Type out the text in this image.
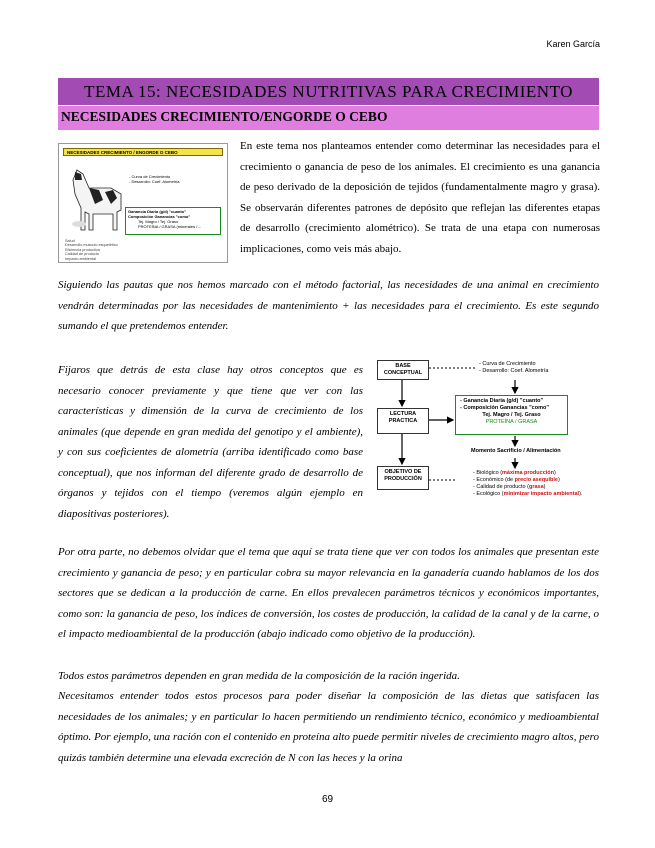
Karen García
TEMA 15: NECESIDADES NUTRITIVAS PARA CRECIMIENTO
NECESIDADES CRECIMIENTO/ENGORDE O CEBO
NECESIDADES CRECIMIENTO / ENGORDE O CEBO
- Curva de Crecimiento
- Desarrollo: Coef. Alometría
Ganancia Diaria (g/d) "cuanto"
Composición Ganancias "como"
Tej. Magro / Tej. Graso
PROTEÍNA / GRASA (minerales /…
Salud
Desarrollo musculo esquelético
Eficiencia productiva
Calidad de producto
Impacto ambiental

En este tema nos planteamos entender como determinar las necesidades para el crecimiento o ganancia de peso de los animales. El crecimiento es una ganancia de peso derivado de la deposición de tejidos (fundamentalmente magro y grasa). Se observarán diferentes patrones de depósito que reflejan las diferentes etapas de desarrollo (crecimiento alométrico). Se trata de una etapa con numerosas implicaciones, como veis más abajo.

Siguiendo las pautas que nos hemos marcado con el método factorial, las necesidades de una animal en crecimiento vendrán determinadas por las necesidades de mantenimiento + las necesidades para el crecimiento. Es este segundo sumando el que pretendemos entender.

Fijaros que detrás de esta clase hay otros conceptos que es necesario conocer previamente y que tiene que ver con las características y dimensión de la curva de crecimiento de los animales (que depende en gran medida del genotipo y el ambiente), y con sus coeficientes de alometría (arriba identificado como base conceptual), que nos informan del diferente grado de desarrollo de órganos y tejidos con el tiempo (veremos algún ejemplo en diapositivas posteriores).

BASE CONCEPTUAL
LECTURA PRACTICA
OBJETIVO DE PRODUCCIÓN
- Curva de Crecimiento
- Desarrollo: Coef. Alometría
- Ganancia Diaria (g/d) "cuanto"
- Composición Ganancias "como"
Tej. Magro / Tej. Graso
PROTEÍNA / GRASA
Momento Sacrificio / Alimentación
- Biológico (máxima producción)
- Económico (de precio asequible)
- Calidad de producto (grasa)
- Ecológico (minimizar impacto ambiental).

Por otra parte, no debemos olvidar que el tema que aquí se trata tiene que ver con todos los animales que presentan este crecimiento y ganancia de peso; y en particular cobra su mayor relevancia en la ganadería cuando hablamos de los dos sectores que se dedican a la producción de carne. En ellos prevalecen parámetros técnicos y económicos importantes, como son: la ganancia de peso, los índices de conversión, los costes de producción, la calidad de la canal y de la carne, o el impacto medioambiental de la producción (abajo indicado como objetivo de la producción).

Todos estos parámetros dependen en gran medida de la composición de la ración ingerida.

Necesitamos entender todos estos procesos para poder diseñar la composición de las dietas que satisfacen las necesidades de los animales; y en particular lo hacen permitiendo un rendimiento técnico, económico y medioambiental óptimo. Por ejemplo, una ración con el contenido en proteína alto puede permitir niveles de crecimiento magro altos, pero quizás también determine una elevada excreción de N con las heces y la orina

69
